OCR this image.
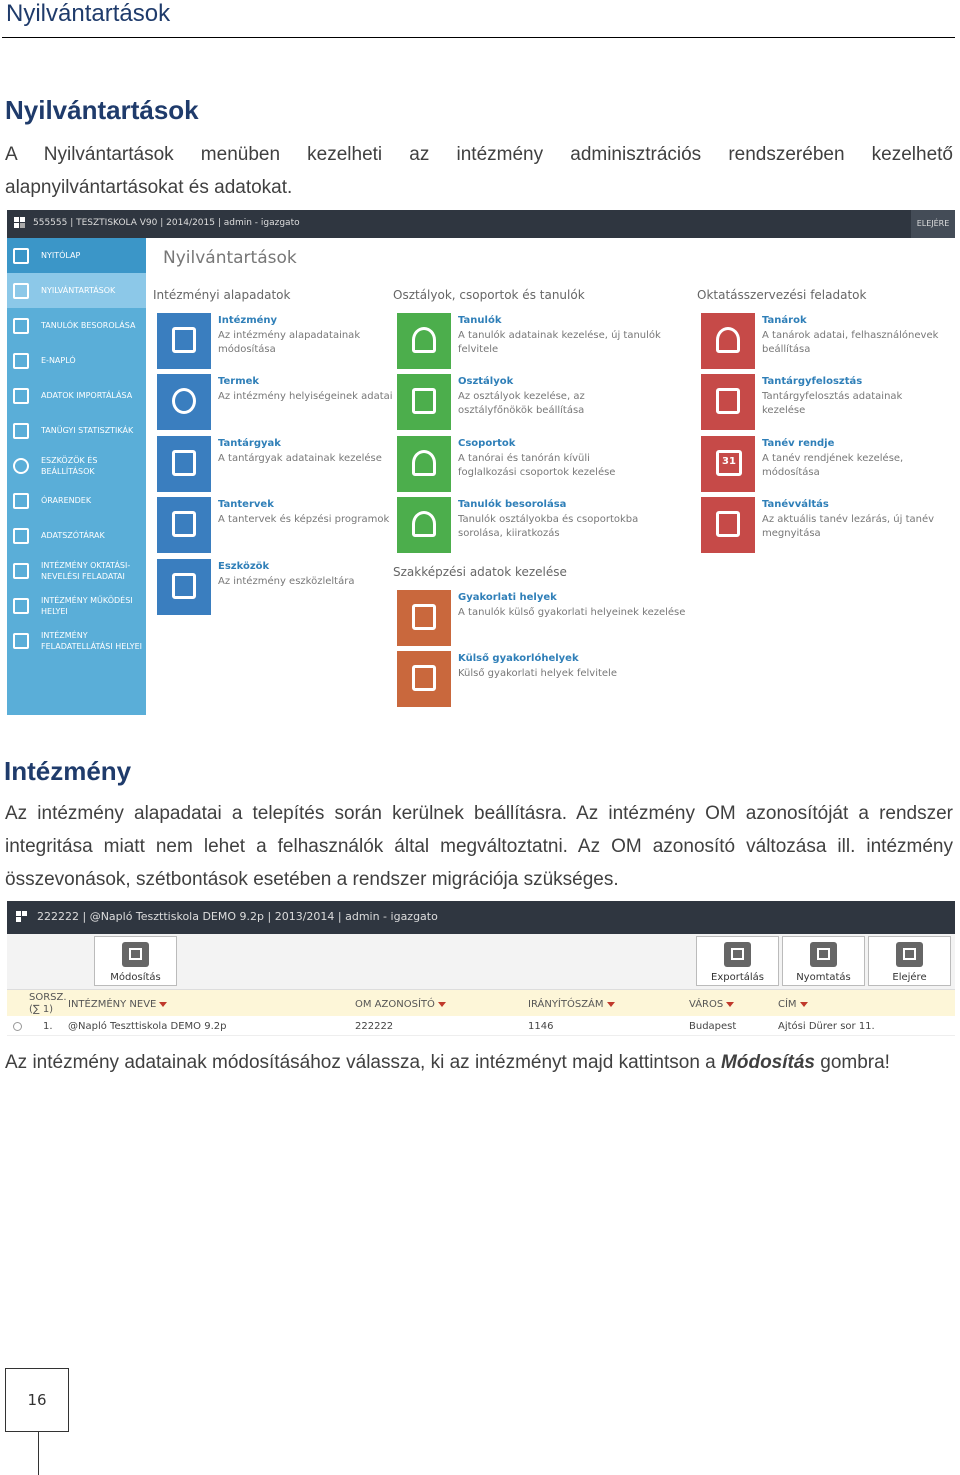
Nyilvántartások
Nyilvántartások
A Nyilvántartások menüben kezelheti az intézmény adminisztrációs rendszerében kezelhető
alapnyilvántartásokat és adatokat.
555555 | TESZTISKOLA V90 | 2014/2015 | admin - igazgato	ELEJÉRE
NYITÓLAP
NYILVÁNTARTÁSOK
TANULÓK BESOROLÁSA
E-NAPLÓ
ADATOK IMPORTÁLÁSA
TANÜGYI STATISZTIKÁK
ESZKÖZÖK ÉS BEÁLLÍTÁSOK
ÓRARENDEK
ADATSZÓTÁRAK
INTÉZMÉNY OKTATÁSI-NEVELÉSI FELADATAI
INTÉZMÉNY MŰKÖDÉSI HELYEI
INTÉZMÉNY FELADATELLÁTÁSI HELYEI
Nyilvántartások
Intézményi alapadatok
Intézmény
Az intézmény alapadatainak módosítása
Termek
Az intézmény helyiségeinek adatai
Tantárgyak
A tantárgyak adatainak kezelése
Tantervek
A tantervek és képzési programok
Eszközök
Az intézmény eszközleltára
Osztályok, csoportok és tanulók
Tanulók
A tanulók adatainak kezelése, új tanulók felvitele
Osztályok
Az osztályok kezelése, az osztályfőnökök beállítása
Csoportok
A tanórai és tanórán kívüli foglalkozási csoportok kezelése
Tanulók besorolása
Tanulók osztályokba és csoportokba sorolása, kiiratkozás
Szakképzési adatok kezelése
Gyakorlati helyek
A tanulók külső gyakorlati helyeinek kezelése
Külső gyakorlóhelyek
Külső gyakorlati helyek felvitele
Oktatásszervezési feladatok
Tanárok
A tanárok adatai, felhasználónevek beállítása
Tantárgyfelosztás
Tantárgyfelosztás adatainak kezelése
31
Tanév rendje
A tanév rendjének kezelése, módosítása
Tanévváltás
Az aktuális tanév lezárás, új tanév megnyitása
Intézmény
Az intézmény alapadatai a telepítés során kerülnek beállításra. Az intézmény OM azonosítóját a rendszer
integritása miatt nem lehet a felhasználók által megváltoztatni. Az OM azonosító változása ill. intézmény
összevonások, szétbontások esetében a rendszer migrációja szükséges.
222222 | @Napló Teszttiskola DEMO 9.2p | 2013/2014 | admin - igazgato
Módosítás	Exportálás	Nyomtatás	Elejére
SORSZ.
(∑ 1) INTÉZMÉNY NEVE	OM AZONOSÍTÓ	IRÁNYÍTÓSZÁM	VÁROS	CÍM
1. @Napló Teszttiskola DEMO 9.2p	222222	1146	Budapest	Ajtósi Dürer sor 11.
Az intézmény adatainak módosításához válassza, ki az intézményt majd kattintson a Módosítás gombra!
16
